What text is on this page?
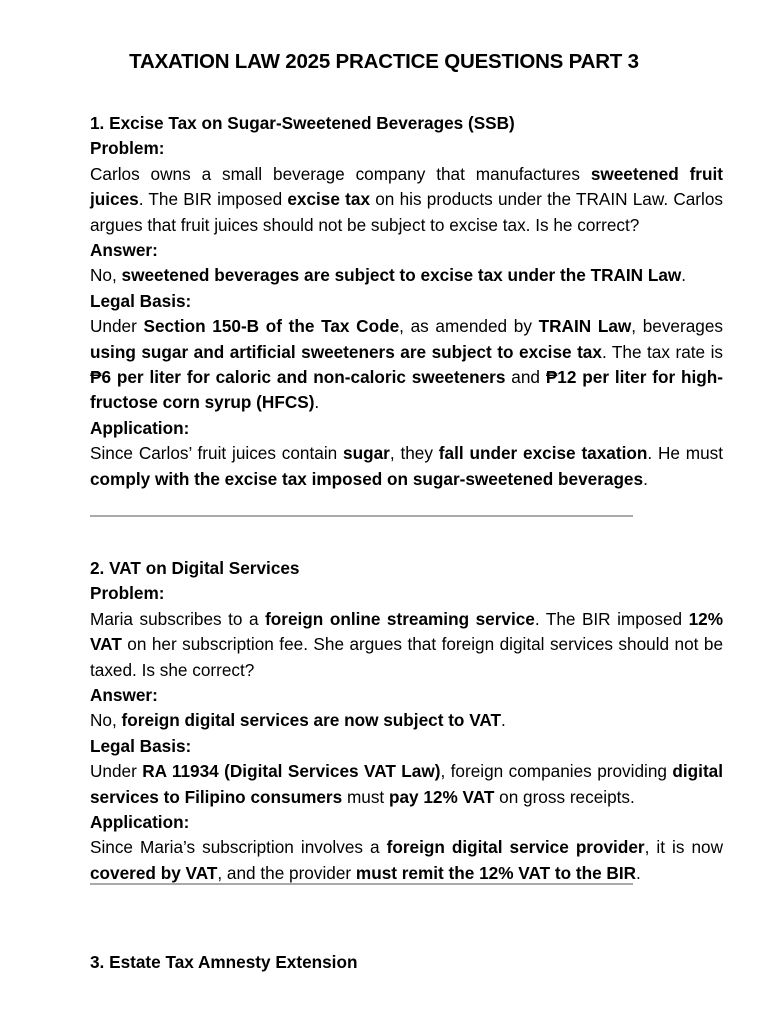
TAXATION LAW 2025 PRACTICE QUESTIONS PART 3

1. Excise Tax on Sugar-Sweetened Beverages (SSB)

Problem:

Carlos owns a small beverage company that manufactures sweetened fruit juices. The BIR imposed excise tax on his products under the TRAIN Law. Carlos argues that fruit juices should not be subject to excise tax. Is he correct?

Answer:

No, sweetened beverages are subject to excise tax under the TRAIN Law.

Legal Basis:

Under Section 150-B of the Tax Code, as amended by TRAIN Law, beverages using sugar and artificial sweeteners are subject to excise tax. The tax rate is ₱6 per liter for caloric and non-caloric sweeteners and ₱12 per liter for high-fructose corn syrup (HFCS).

Application:

Since Carlos’ fruit juices contain sugar, they fall under excise taxation. He must comply with the excise tax imposed on sugar-sweetened beverages.

2. VAT on Digital Services

Problem:

Maria subscribes to a foreign online streaming service. The BIR imposed 12% VAT on her subscription fee. She argues that foreign digital services should not be taxed. Is she correct?

Answer:

No, foreign digital services are now subject to VAT.

Legal Basis:

Under RA 11934 (Digital Services VAT Law), foreign companies providing digital services to Filipino consumers must pay 12% VAT on gross receipts.

Application:

Since Maria’s subscription involves a foreign digital service provider, it is now covered by VAT, and the provider must remit the 12% VAT to the BIR.

3. Estate Tax Amnesty Extension
